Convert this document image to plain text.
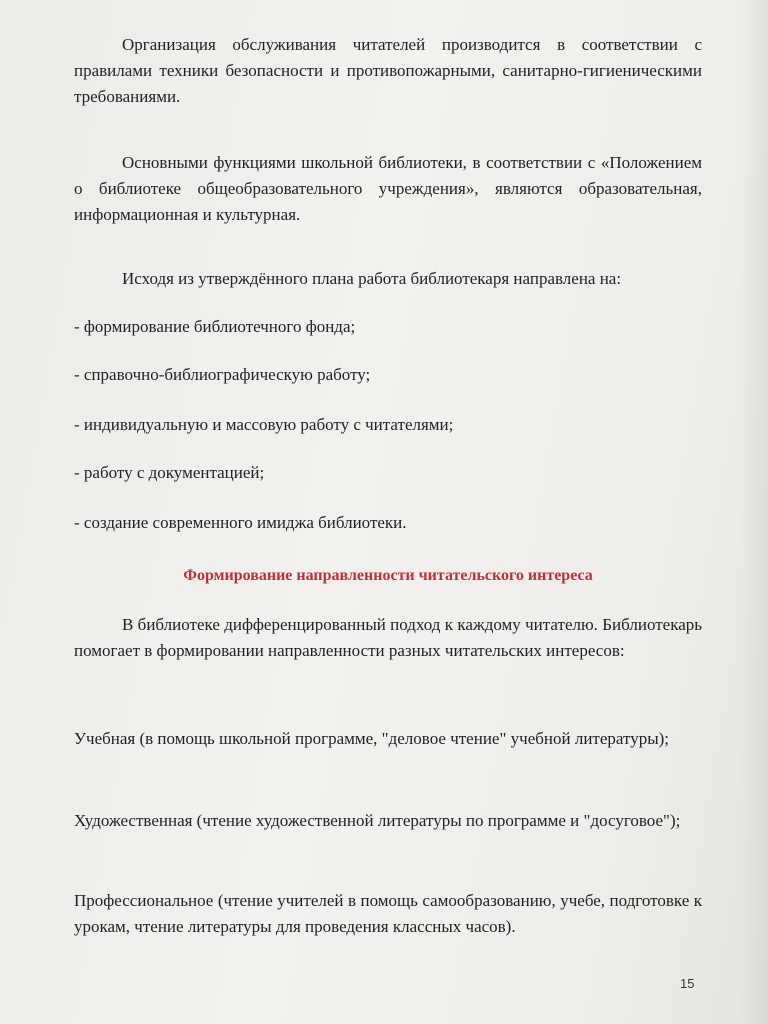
Организация обслуживания читателей производится в соответствии с правилами техники безопасности и противопожарными, санитарно-гигиеническими требованиями.

Основными функциями школьной библиотеки, в соответствии с «Положением о библиотеке общеобразовательного учреждения», являются образовательная, информационная и культурная.

Исходя из утверждённого плана работа библиотекаря направлена на:

- формирование библиотечного фонда;

- справочно-библиографическую работу;

- индивидуальную и массовую работу с читателями;

- работу с документацией;

- создание современного имиджа библиотеки.

Формирование направленности читательского интереса

В библиотеке дифференцированный подход к каждому читателю. Библиотекарь помогает в формировании направленности разных читательских интересов:

Учебная (в помощь школьной программе, "деловое чтение" учебной литературы);

Художественная (чтение художественной литературы по программе и "досуговое");

Профессиональное (чтение учителей в помощь самообразованию, учебе, подготовке к урокам, чтение литературы для проведения классных часов).

15
